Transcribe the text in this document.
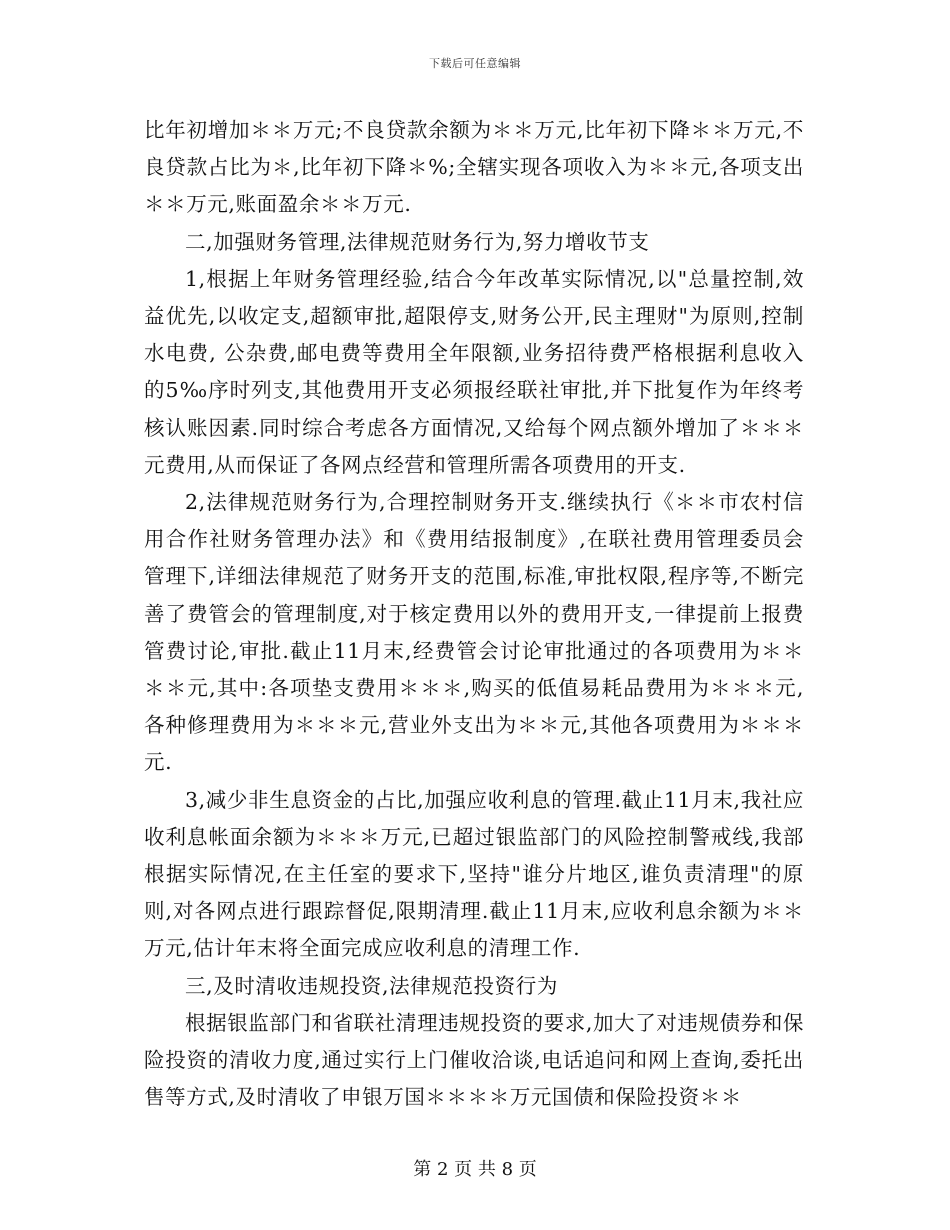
下载后可任意编辑

比年初增加＊＊万元;不良贷款余额为＊＊万元,比年初下降＊＊万元,不良贷款占比为＊,比年初下降＊%;全辖实现各项收入为＊＊元,各项支出＊＊万元,账面盈余＊＊万元.

二,加强财务管理,法律规范财务行为,努力增收节支

1,根据上年财务管理经验,结合今年改革实际情况,以"总量控制,效益优先,以收定支,超额审批,超限停支,财务公开,民主理财"为原则,控制水电费, 公杂费,邮电费等费用全年限额,业务招待费严格根据利息收入的5‰序时列支,其他费用开支必须报经联社审批,并下批复作为年终考核认账因素.同时综合考虑各方面情况,又给每个网点额外增加了＊＊＊元费用,从而保证了各网点经营和管理所需各项费用的开支.

2,法律规范财务行为,合理控制财务开支.继续执行《＊＊市农村信用合作社财务管理办法》和《费用结报制度》,在联社费用管理委员会管理下,详细法律规范了财务开支的范围,标准,审批权限,程序等,不断完善了费管会的管理制度,对于核定费用以外的费用开支,一律提前上报费管费讨论,审批.截止11月末,经费管会讨论审批通过的各项费用为＊＊＊＊元,其中:各项垫支费用＊＊＊,购买的低值易耗品费用为＊＊＊元,各种修理费用为＊＊＊元,营业外支出为＊＊元,其他各项费用为＊＊＊元.

3,减少非生息资金的占比,加强应收利息的管理.截止11月末,我社应收利息帐面余额为＊＊＊万元,已超过银监部门的风险控制警戒线,我部根据实际情况,在主任室的要求下,坚持"谁分片地区,谁负责清理"的原则,对各网点进行跟踪督促,限期清理.截止11月末,应收利息余额为＊＊万元,估计年末将全面完成应收利息的清理工作.

三,及时清收违规投资,法律规范投资行为

根据银监部门和省联社清理违规投资的要求,加大了对违规债券和保险投资的清收力度,通过实行上门催收洽谈,电话追问和网上查询,委托出售等方式,及时清收了申银万国＊＊＊＊万元国债和保险投资＊＊

第 2 页 共 8 页
